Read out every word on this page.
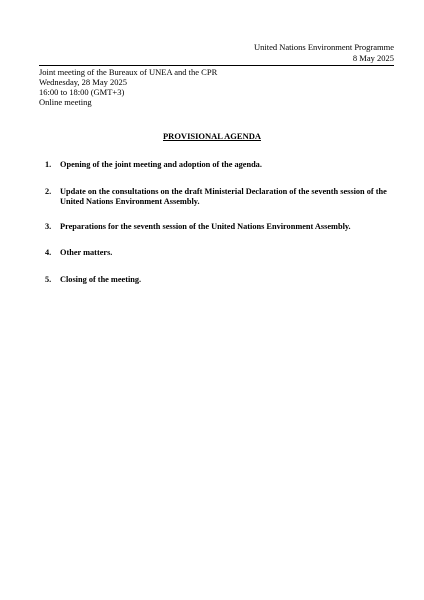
United Nations Environment Programme
8 May 2025
Joint meeting of the Bureaux of UNEA and the CPR
Wednesday, 28 May 2025
16:00 to 18:00 (GMT+3)
Online meeting
PROVISIONAL AGENDA
1.	Opening of the joint meeting and adoption of the agenda.
2.	Update on the consultations on the draft Ministerial Declaration of the seventh session of the United Nations Environment Assembly.
3.	Preparations for the seventh session of the United Nations Environment Assembly.
4.	Other matters.
5.	Closing of the meeting.
